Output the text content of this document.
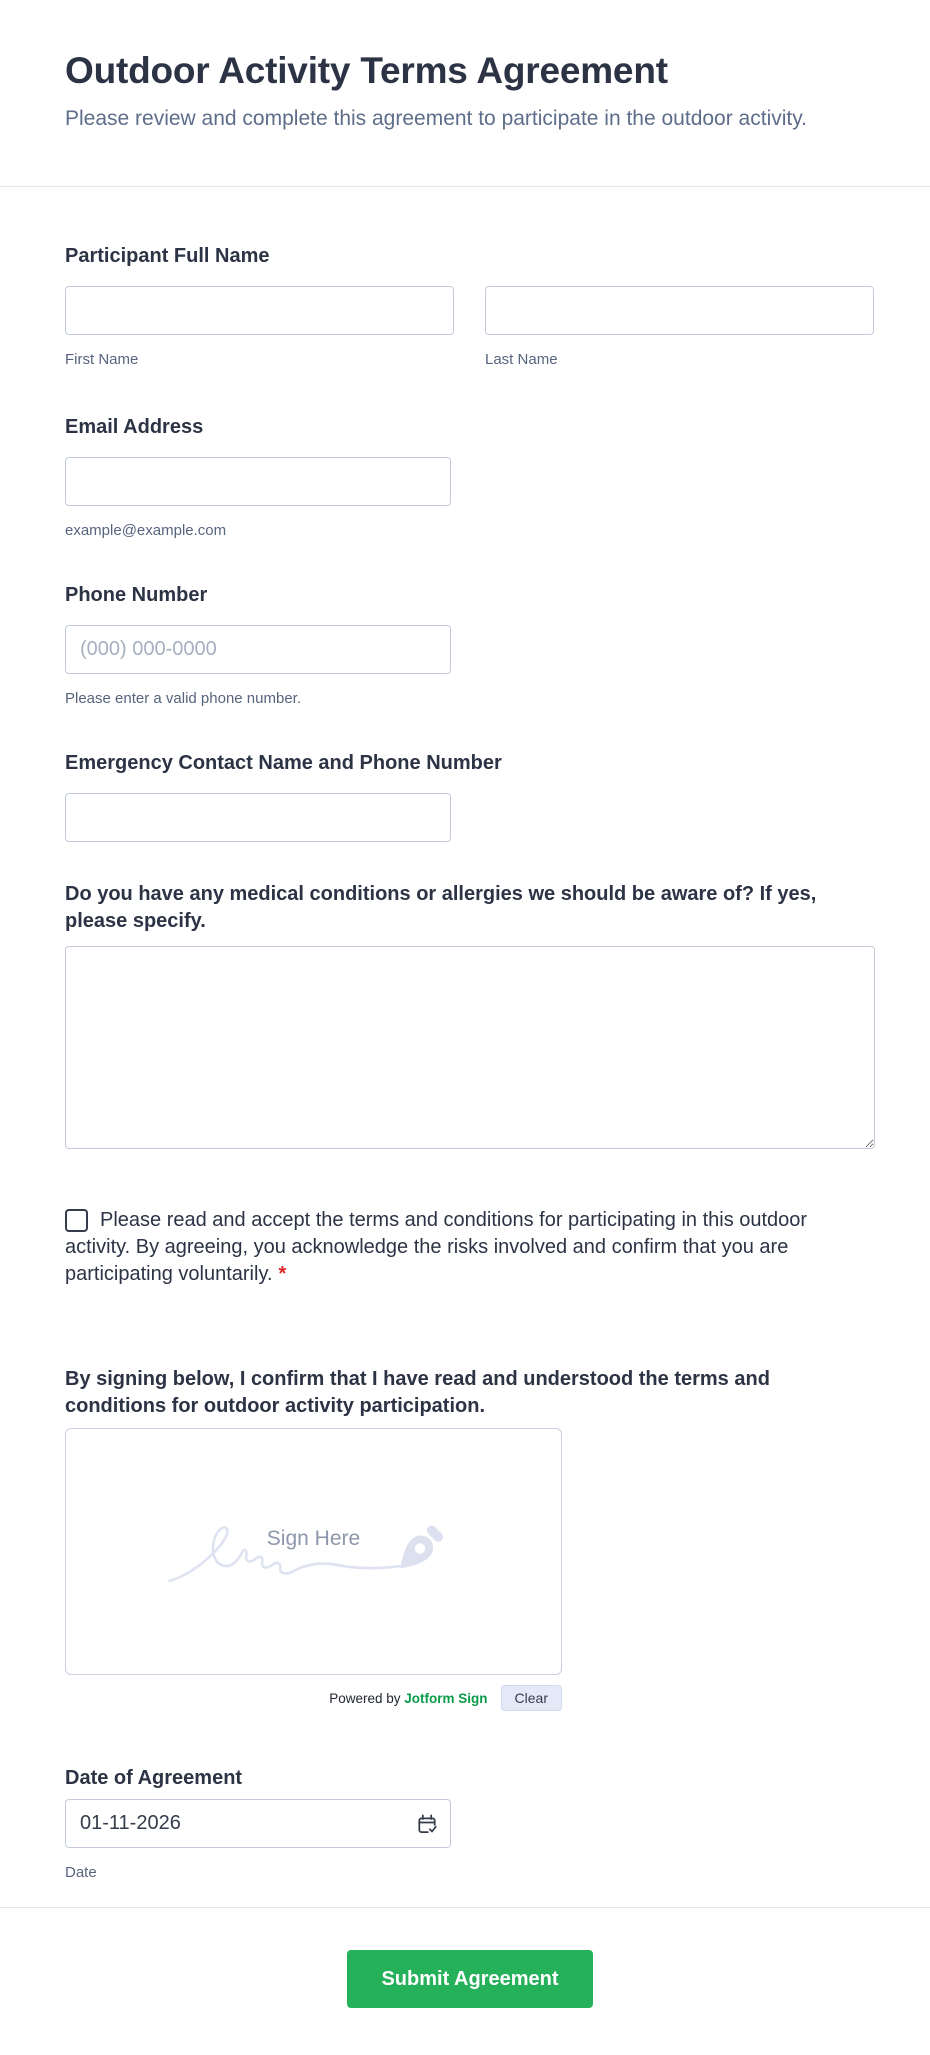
Outdoor Activity Terms Agreement

Please review and complete this agreement to participate in the outdoor activity.

Participant Full Name
First Name	Last Name
Email Address
example@example.com
Phone Number
(000) 000-0000
Please enter a valid phone number.
Emergency Contact Name and Phone Number
Do you have any medical conditions or allergies we should be aware of? If yes, please specify.
Please read and accept the terms and conditions for participating in this outdoor activity. By agreeing, you acknowledge the risks involved and confirm that you are participating voluntarily. *

By signing below, I confirm that I have read and understood the terms and conditions for outdoor activity participation.

Sign Here
Powered by Jotform Sign	Clear
Date of Agreement
01-11-2026
Date
Submit Agreement
